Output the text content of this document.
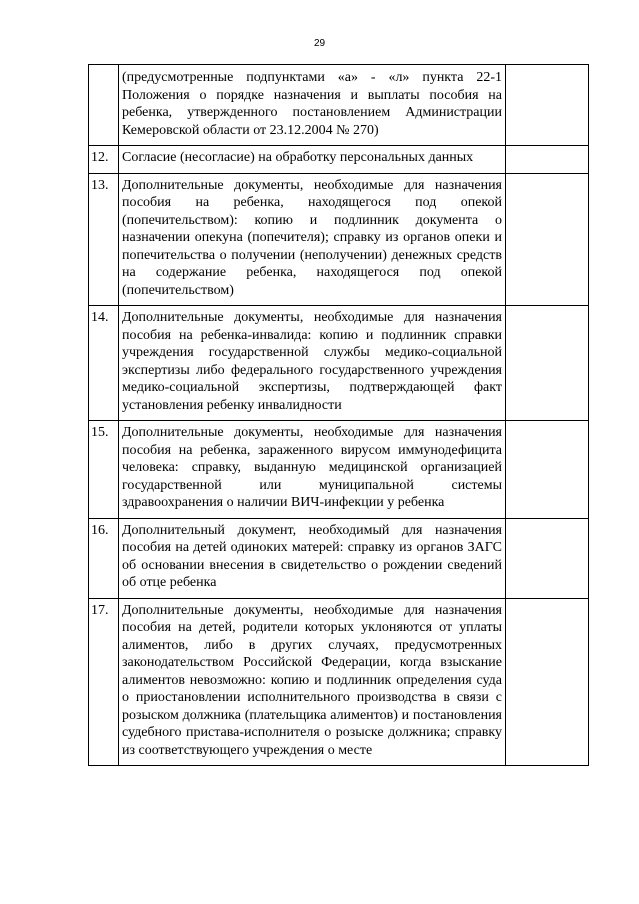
29
	(предусмотренные подпунктами «а» - «л» пункта 22-1 Положения о порядке назначения и выплаты пособия на ребенка, утвержденного постановлением Администрации Кемеровской области от 23.12.2004 № 270)	
12.	Согласие (несогласие) на обработку персональных данных	
13.	Дополнительные документы, необходимые для назначения пособия на ребенка, находящегося под опекой (попечительством): копию и подлинник документа о назначении опекуна (попечителя); справку из органов опеки и попечительства о получении (неполучении) денежных средств на содержание ребенка, находящегося под опекой (попечительством)	
14.	Дополнительные документы, необходимые для назначения пособия на ребенка-инвалида: копию и подлинник справки учреждения государственной службы медико-социальной экспертизы либо федерального государственного учреждения медико-социальной экспертизы, подтверждающей факт установления ребенку инвалидности	
15.	Дополнительные документы, необходимые для назначения пособия на ребенка, зараженного вирусом иммунодефицита человека: справку, выданную медицинской организацией государственной или муниципальной системы здравоохранения о наличии ВИЧ-инфекции у ребенка	
16.	Дополнительный документ, необходимый для назначения пособия на детей одиноких матерей: справку из органов ЗАГС об основании внесения в свидетельство о рождении сведений об отце ребенка	
17.	Дополнительные документы, необходимые для назначения пособия на детей, родители которых уклоняются от уплаты алиментов, либо в других случаях, предусмотренных законодательством Российской Федерации, когда взыскание алиментов невозможно: копию и подлинник определения суда о приостановлении исполнительного производства в связи с розыском должника (плательщика алиментов) и постановления судебного пристава-исполнителя о розыске должника; справку из соответствующего учреждения о месте	
